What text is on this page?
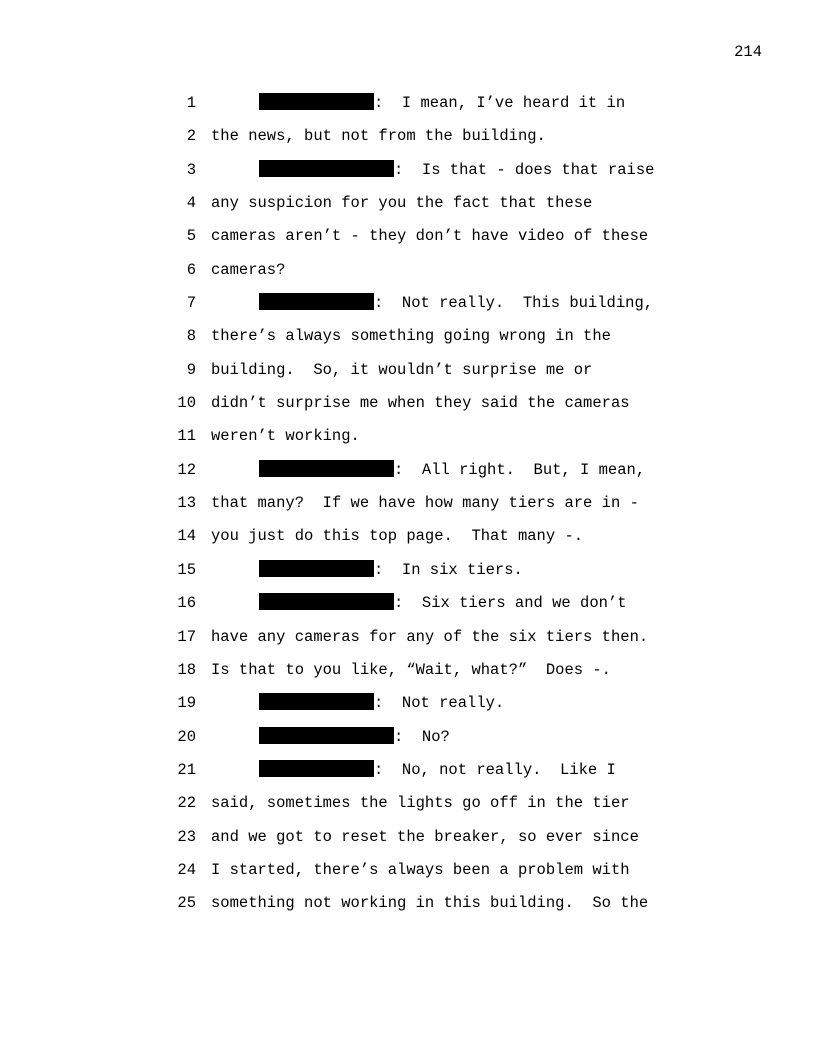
214
1	:  I mean, I’ve heard it in
2 the news, but not from the building.
3	:  Is that - does that raise
4 any suspicion for you the fact that these
5 cameras aren’t - they don’t have video of these
6 cameras?
7	:  Not really.  This building,
8 there’s always something going wrong in the
9 building.  So, it wouldn’t surprise me or
10 didn’t surprise me when they said the cameras
11 weren’t working.
12	:  All right.  But, I mean,
13 that many?  If we have how many tiers are in -
14 you just do this top page.  That many -.
15	:  In six tiers.
16	:  Six tiers and we don’t
17 have any cameras for any of the six tiers then.
18 Is that to you like, “Wait, what?”  Does -.
19	:  Not really.
20	:  No?
21	:  No, not really.  Like I
22 said, sometimes the lights go off in the tier
23 and we got to reset the breaker, so ever since
24 I started, there’s always been a problem with
25 something not working in this building.  So the
